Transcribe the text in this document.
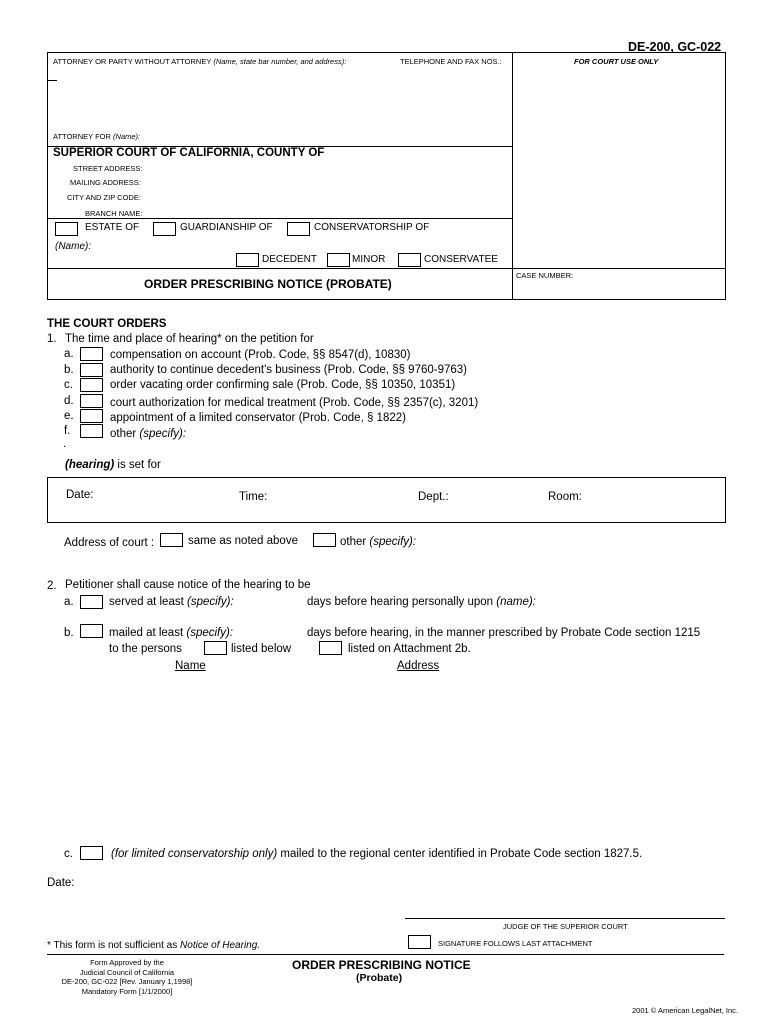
DE-200, GC-022
ATTORNEY OR PARTY WITHOUT ATTORNEY (Name, state bar number, and address):	TELEPHONE AND FAX NOS.:	FOR COURT USE ONLY
ATTORNEY FOR (Name):
SUPERIOR COURT OF CALIFORNIA, COUNTY OF
STREET ADDRESS:
MAILING ADDRESS:
CITY AND ZIP CODE:
BRANCH NAME:
ESTATE OF	GUARDIANSHIP OF	CONSERVATORSHIP OF
(Name):
DECEDENT	MINOR	CONSERVATEE
ORDER PRESCRIBING NOTICE (PROBATE)
CASE NUMBER:
THE COURT ORDERS
1. The time and place of hearing* on the petition for
a.	compensation on account (Prob. Code, §§ 8547(d), 10830)
b.	authority to continue decedent's business (Prob. Code, §§ 9760-9763)
c.	order vacating order confirming sale (Prob. Code, §§ 10350, 10351)
d.	court authorization for medical treatment (Prob. Code, §§ 2357(c), 3201)
e.	appointment of a limited conservator (Prob. Code, § 1822)
f.	other (specify):
.
(hearing) is set for
Date:	Time:	Dept.:	Room:
Address of court :	same as noted above	other (specify):
2. Petitioner shall cause notice of the hearing to be
a.	served at least (specify):	days before hearing personally upon (name):
b.	mailed at least (specify):	days before hearing, in the manner prescribed by Probate Code section 1215
to the persons	listed below	listed on Attachment 2b.
Name	Address
c.	(for limited conservatorship only) mailed to the regional center identified in Probate Code section 1827.5.
Date:
JUDGE OF THE SUPERIOR COURT
SIGNATURE FOLLOWS LAST ATTACHMENT
* This form is not sufficient as Notice of Hearing.
Form Approved by the
Judicial Council of California
DE-200, GC-022 [Rev. January 1,1998]
Mandatory Form [1/1/2000]
ORDER PRESCRIBING NOTICE
(Probate)
2001 © American LegalNet, Inc.
